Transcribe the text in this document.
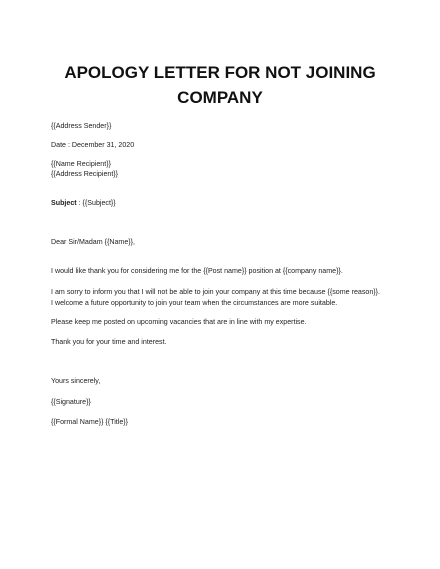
APOLOGY LETTER FOR NOT JOINING
COMPANY

{{Address Sender}}

Date : December 31, 2020

{{Name Recipient}}

{{Address Recipient}}

Subject : {{Subject}}

Dear Sir/Madam {{Name}},

I would like thank you for considering me for the {{Post name}} position at {{company name}}.

I am sorry to inform you that I will not be able to join your company at this time because {{some reason}}. I welcome a future opportunity to join your team when the circumstances are more suitable.

Please keep me posted on upcoming vacancies that are in line with my expertise.

Thank you for your time and interest.

Yours sincerely,

{{Signature}}

{{Formal Name}} {{Title}}
